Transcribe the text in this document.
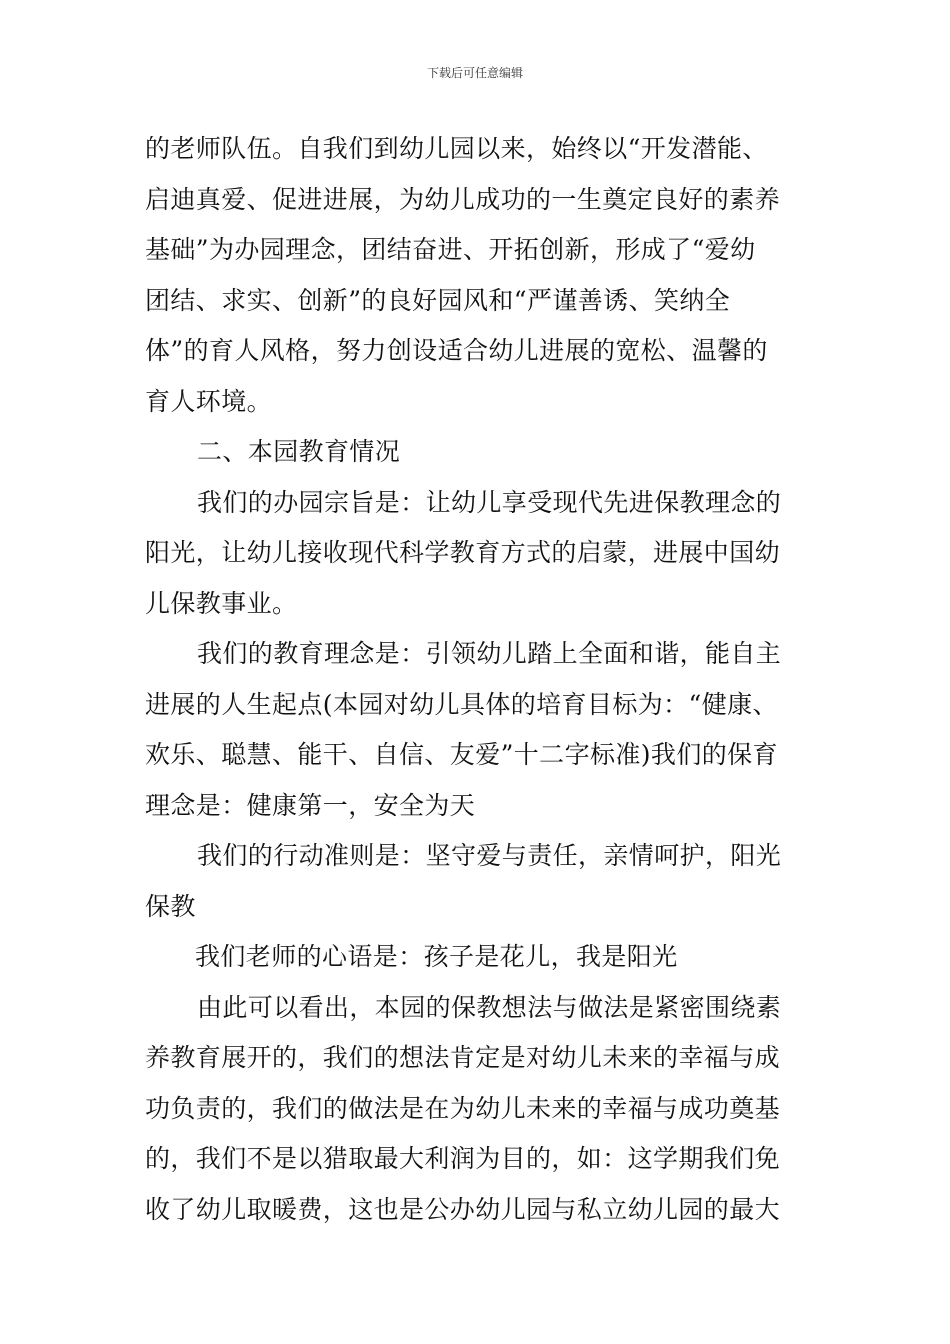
下载后可任意编辑
的老师队伍。自我们到幼儿园以来，始终以“开发潜能、
启迪真爱、促进进展，为幼儿成功的一生奠定良好的素养
基础”为办园理念，团结奋进、开拓创新，形成了“爱幼
团结、求实、创新”的良好园风和“严谨善诱、笑纳全
体”的育人风格，努力创设适合幼儿进展的宽松、温馨的
育人环境。
二、本园教育情况
我们的办园宗旨是：让幼儿享受现代先进保教理念的
阳光，让幼儿接收现代科学教育方式的启蒙，进展中国幼
儿保教事业。
我们的教育理念是：引领幼儿踏上全面和谐，能自主
进展的人生起点(本园对幼儿具体的培育目标为：“健康、
欢乐、聪慧、能干、自信、友爱”十二字标准)我们的保育
理念是：健康第一，安全为天
我们的行动准则是：坚守爱与责任，亲情呵护，阳光
保教
我们老师的心语是：孩子是花儿，我是阳光
由此可以看出，本园的保教想法与做法是紧密围绕素
养教育展开的，我们的想法肯定是对幼儿未来的幸福与成
功负责的，我们的做法是在为幼儿未来的幸福与成功奠基
的，我们不是以猎取最大利润为目的，如：这学期我们免
收了幼儿取暖费，这也是公办幼儿园与私立幼儿园的最大
